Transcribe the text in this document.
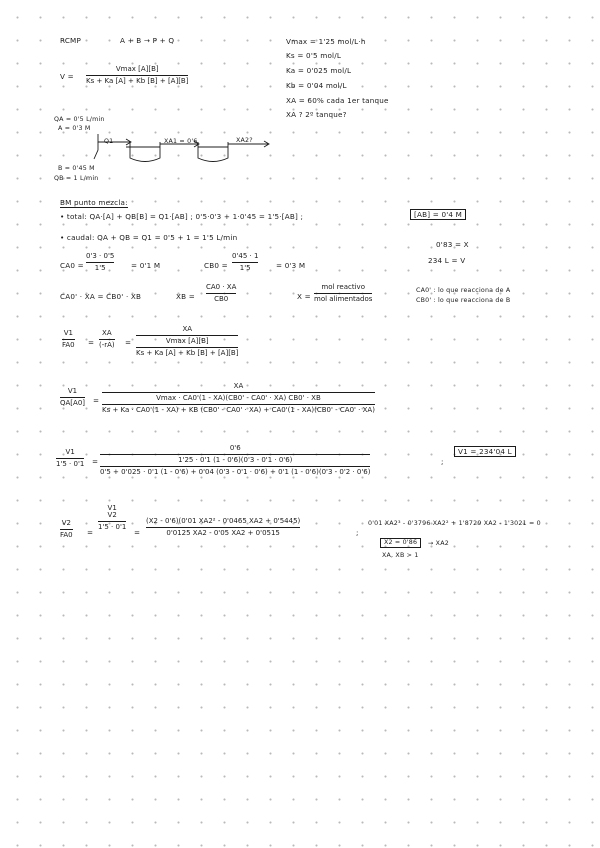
RCMP	A + B → P + Q
V =
Vmax [A][B]
Ks + Ka [A] + Kb [B] + [A][B]
Vmax = 1'25 mol/L·h
Ks = 0'5 mol/L
Ka = 0'025 mol/L
Kb = 0'04 mol/L
XA = 60% cada 1er tanque
XA ? 2º tanque?
QA = 0'5 L/min
A = 0'3 M
Q1	XA1 = 0'6	XA2?
B = 0'45 M
QB = 1 L/min
BM punto mezcla:
• total: QA·[A] + QB[B] = Q1·[AB] ; 0'5·0'3 + 1·0'45 = 1'5·[AB] ;	[AB] = 0'4 M
• caudal: QA + QB = Q1 = 0'5 + 1 = 1'5 L/min
CA0 =
0'3 · 0'5
1'5	= 0'1 M	CB0 =
0'45 · 1
1'5	= 0'3 M
0'83 = X
234 L = V
CA0' · XA = CB0' · XB	XB =
CA0 · XA
CB0	X =
mol reactivo
mol alimentados
CA0' : lo que reacciona de A
CB0' : lo que reacciona de B
V1
FA0 =
XA
(-rA) =
XA
Vmax [A][B]
Ks + Ka [A] + Kb [B] + [A][B]
V1
QA[A0] =
XA
Vmax · CA0'(1 - XA)(CB0' - CA0' · XA) CB0' · XB
Ks + Ka · CA0'(1 - XA) + KB (CB0' - CA0' · XA) + CA0'(1 - XA)(CB0' - CA0' · XA)
V1
1'5 · 0'1 =
0'6
1'25 · 0'1 (1 - 0'6)(0'3 - 0'1 · 0'6)
0'5 + 0'025 · 0'1 (1 - 0'6) + 0'04 (0'3 - 0'1 · 0'6) + 0'1 (1 - 0'6)(0'3 - 0'2 · 0'6)
;
V1 = 234'04 L
V2
FA0 =
V1
V2
1'5 · 0'1
=
(X2 - 0'6)(0'01 XA2² - 0'0465 XA2 + 0'5445)
0'0125 XA2 - 0'05 XA2 + 0'0515	;
0'01 XA2³ - 0'3796 XA2² + 1'8729 XA2 - 1'3021 = 0
X2 = 0'86	→ XA2
XA, XB > 1
